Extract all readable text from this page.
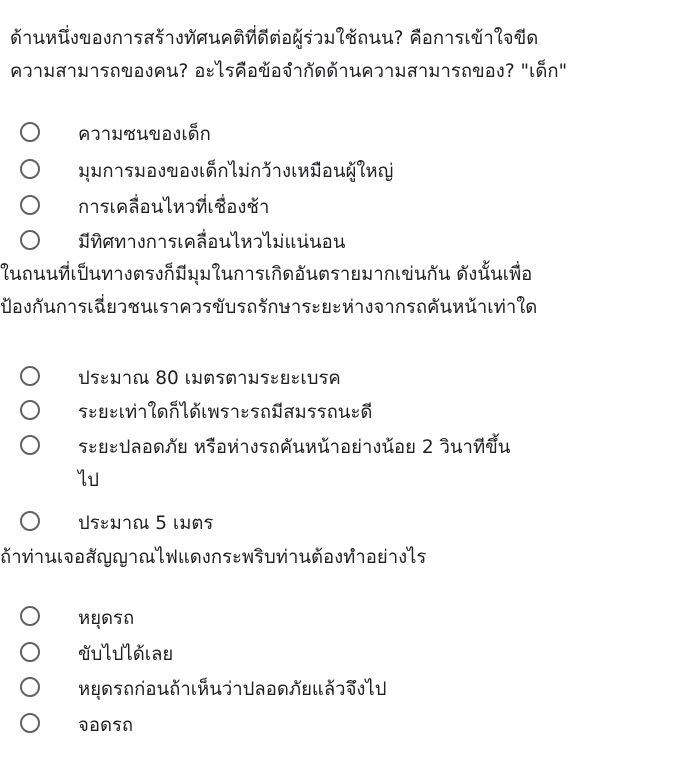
ด้านหนึ่งของการสร้างทัศนคติที่ดีต่อผู้ร่วมใช้ถนน? คือการเข้าใจขีด
ความสามารถของคน? อะไรคือข้อจำกัดด้านความสามารถของ? "เด็ก"
ความซนของเด็ก
มุมการมองของเด็กไม่กว้างเหมือนผู้ใหญ่
การเคลื่อนไหวที่เชื่องช้า
มีทิศทางการเคลื่อนไหวไม่แน่นอน
ในถนนที่เป็นทางตรงก็มีมุมในการเกิดอันตรายมากเข่นกัน ดังนั้นเพื่อ
ป้องกันการเฉี่ยวชนเราควรขับรถรักษาระยะห่างจากรถคันหน้าเท่าใด
ประมาณ 80 เมตรตามระยะเบรค
ระยะเท่าใดก็ได้เพราะรถมีสมรรถนะดี
ระยะปลอดภัย หรือห่างรถคันหน้าอย่างน้อย 2 วินาทีขึ้น
ไป
ประมาณ 5 เมตร
ถ้าท่านเจอสัญญาณไฟแดงกระพริบท่านต้องทำอย่างไร
หยุดรถ
ขับไปได้เลย
หยุดรถก่อนถ้าเห็นว่าปลอดภัยแล้วจึงไป
จอดรถ
